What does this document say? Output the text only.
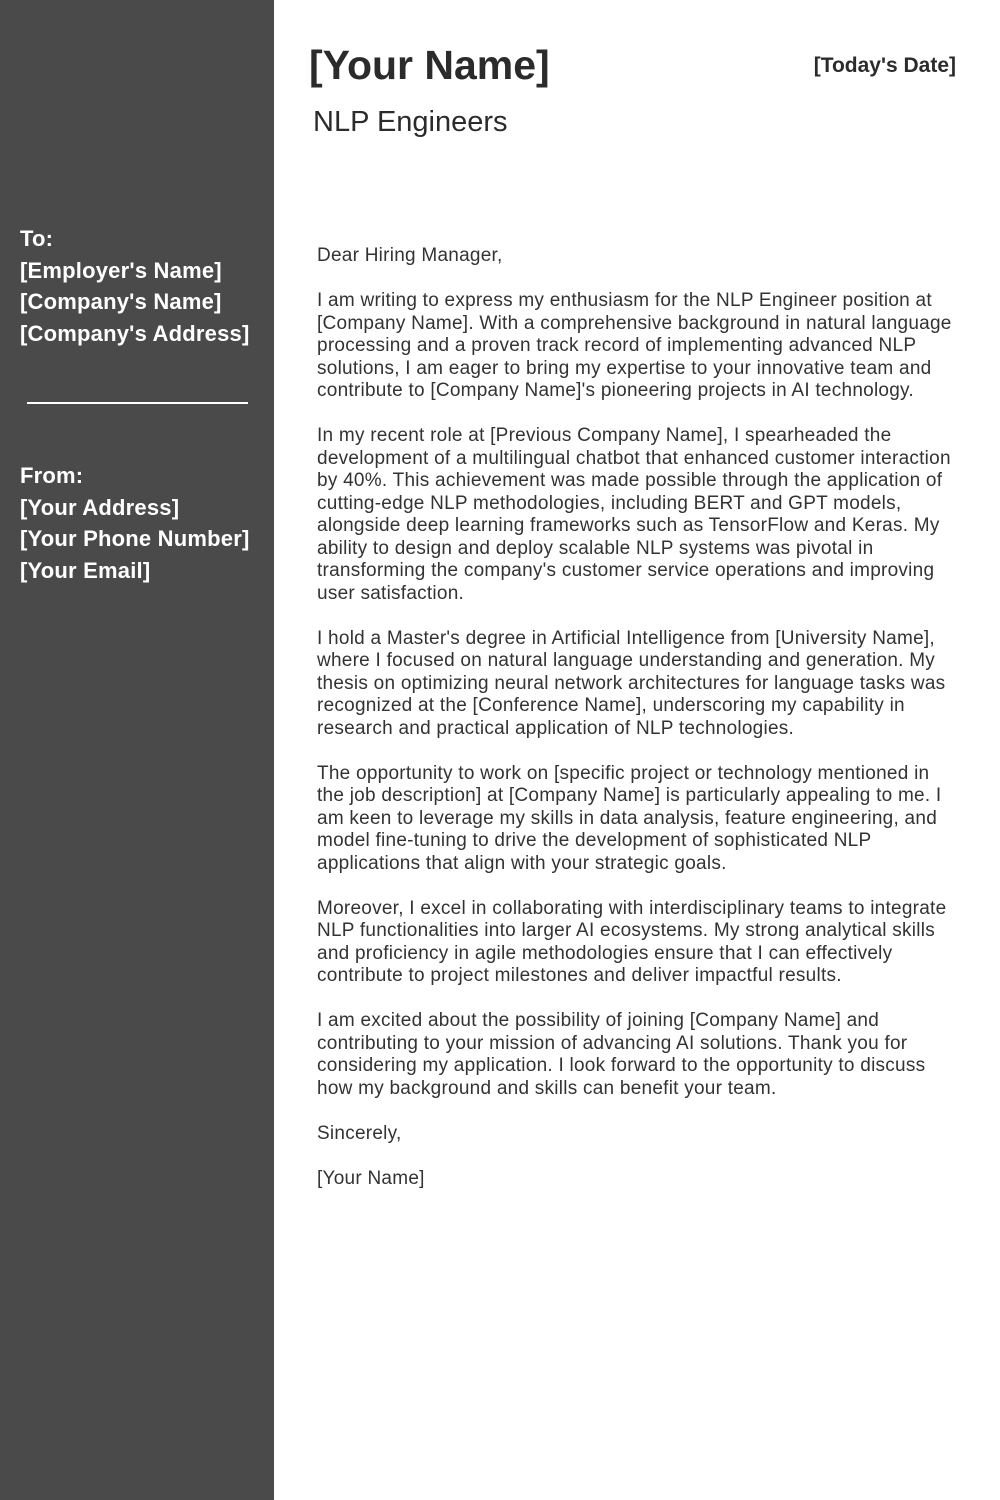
To:
[Employer's Name]
[Company's Name]
[Company's Address]
From:
[Your Address]
[Your Phone Number]
[Your Email]
[Your Name]	[Today's Date]
NLP Engineers

Dear Hiring Manager,

I am writing to express my enthusiasm for the NLP Engineer position at [Company Name]. With a comprehensive background in natural language processing and a proven track record of implementing advanced NLP solutions, I am eager to bring my expertise to your innovative team and contribute to [Company Name]'s pioneering projects in AI technology.

In my recent role at [Previous Company Name], I spearheaded the development of a multilingual chatbot that enhanced customer interaction by 40%. This achievement was made possible through the application of cutting-edge NLP methodologies, including BERT and GPT models, alongside deep learning frameworks such as TensorFlow and Keras. My ability to design and deploy scalable NLP systems was pivotal in transforming the company's customer service operations and improving user satisfaction.

I hold a Master's degree in Artificial Intelligence from [University Name], where I focused on natural language understanding and generation. My thesis on optimizing neural network architectures for language tasks was recognized at the [Conference Name], underscoring my capability in research and practical application of NLP technologies.

The opportunity to work on [specific project or technology mentioned in the job description] at [Company Name] is particularly appealing to me. I am keen to leverage my skills in data analysis, feature engineering, and model fine-tuning to drive the development of sophisticated NLP applications that align with your strategic goals.

Moreover, I excel in collaborating with interdisciplinary teams to integrate NLP functionalities into larger AI ecosystems. My strong analytical skills and proficiency in agile methodologies ensure that I can effectively contribute to project milestones and deliver impactful results.

I am excited about the possibility of joining [Company Name] and contributing to your mission of advancing AI solutions. Thank you for considering my application. I look forward to the opportunity to discuss how my background and skills can benefit your team.

Sincerely,

[Your Name]
